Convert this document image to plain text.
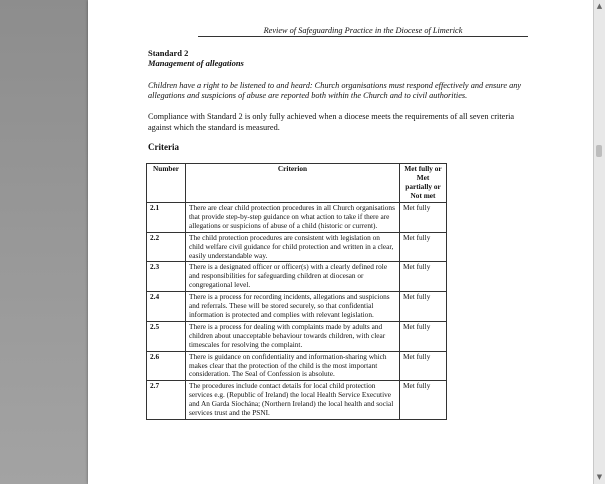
Review of Safeguarding Practice in the Diocese of Limerick
Standard 2
Management of allegations
Children have a right to be listened to and heard: Church organisations must respond effectively and ensure any allegations and suspicions of abuse are reported both within the Church and to civil authorities.
Compliance with Standard 2 is only fully achieved when a diocese meets the requirements of all seven criteria against which the standard is measured.
Criteria
Number	Criterion	Met fully or Met partially or Not met
2.1	There are clear child protection procedures in all Church organisations that provide step-by-step guidance on what action to take if there are allegations or suspicions of abuse of a child (historic or current).	Met fully
2.2	The child protection procedures are consistent with legislation on child welfare civil guidance for child protection and written in a clear, easily understandable way.	Met fully
2.3	There is a designated officer or officer(s) with a clearly defined role and responsibilities for safeguarding children at diocesan or congregational level.	Met fully
2.4	There is a process for recording incidents, allegations and suspicions and referrals. These will be stored securely, so that confidential information is protected and complies with relevant legislation.	Met fully
2.5	There is a process for dealing with complaints made by adults and children about unacceptable behaviour towards children, with clear timescales for resolving the complaint.	Met fully
2.6	There is guidance on confidentiality and information-sharing which makes clear that the protection of the child is the most important consideration. The Seal of Confession is absolute.	Met fully
2.7	The procedures include contact details for local child protection services e.g. (Republic of Ireland) the local Health Service Executive and An Garda Síochána; (Northern Ireland) the local health and social services trust and the PSNI.	Met fully
▲
▼
